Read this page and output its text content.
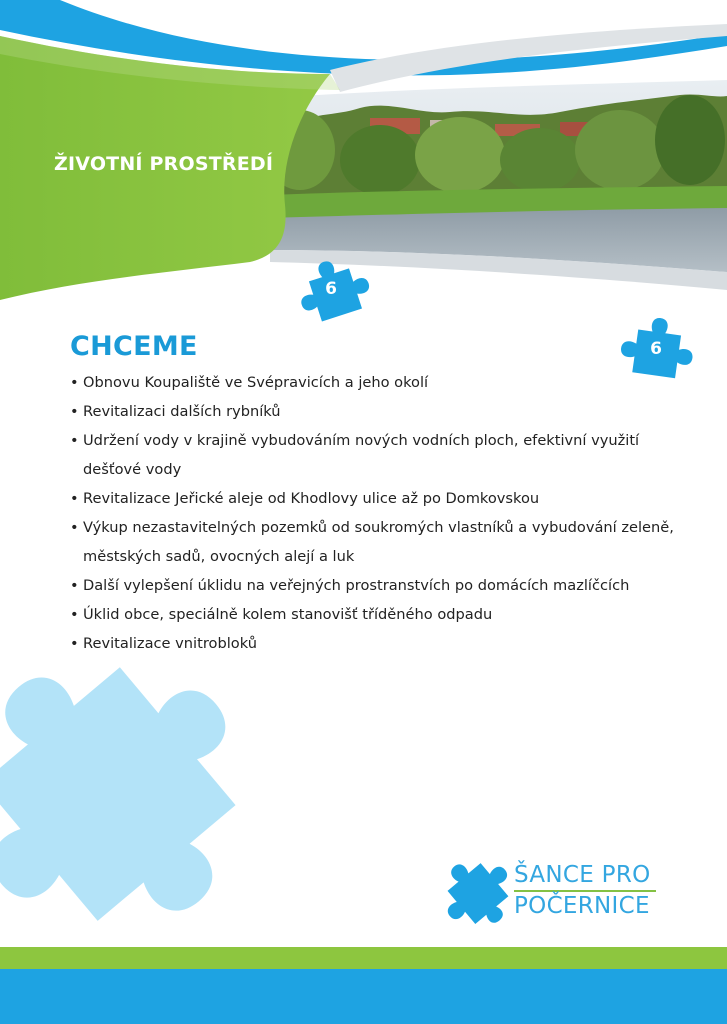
ŽIVOTNÍ PROSTŘEDÍ
6
6
CHCEME
• Obnovu Koupaliště ve Svépravicích a jeho okolí
• Revitalizaci dalších rybníků
• Udržení vody v krajině vybudováním nových vodních ploch, efektivní využití dešťové vody
• Revitalizace Jeřické aleje od Khodlovy ulice až po Domkovskou
• Výkup nezastavitelných pozemků od soukromých vlastníků a vybudování zeleně, městských sadů, ovocných alejí a luk
• Další vylepšení úklidu na veřejných prostranstvích po domácích mazlíčcích
• Úklid obce, speciálně kolem stanovišť tříděného odpadu
• Revitalizace vnitrobloků
ŠANCE PRO
POČERNICE
